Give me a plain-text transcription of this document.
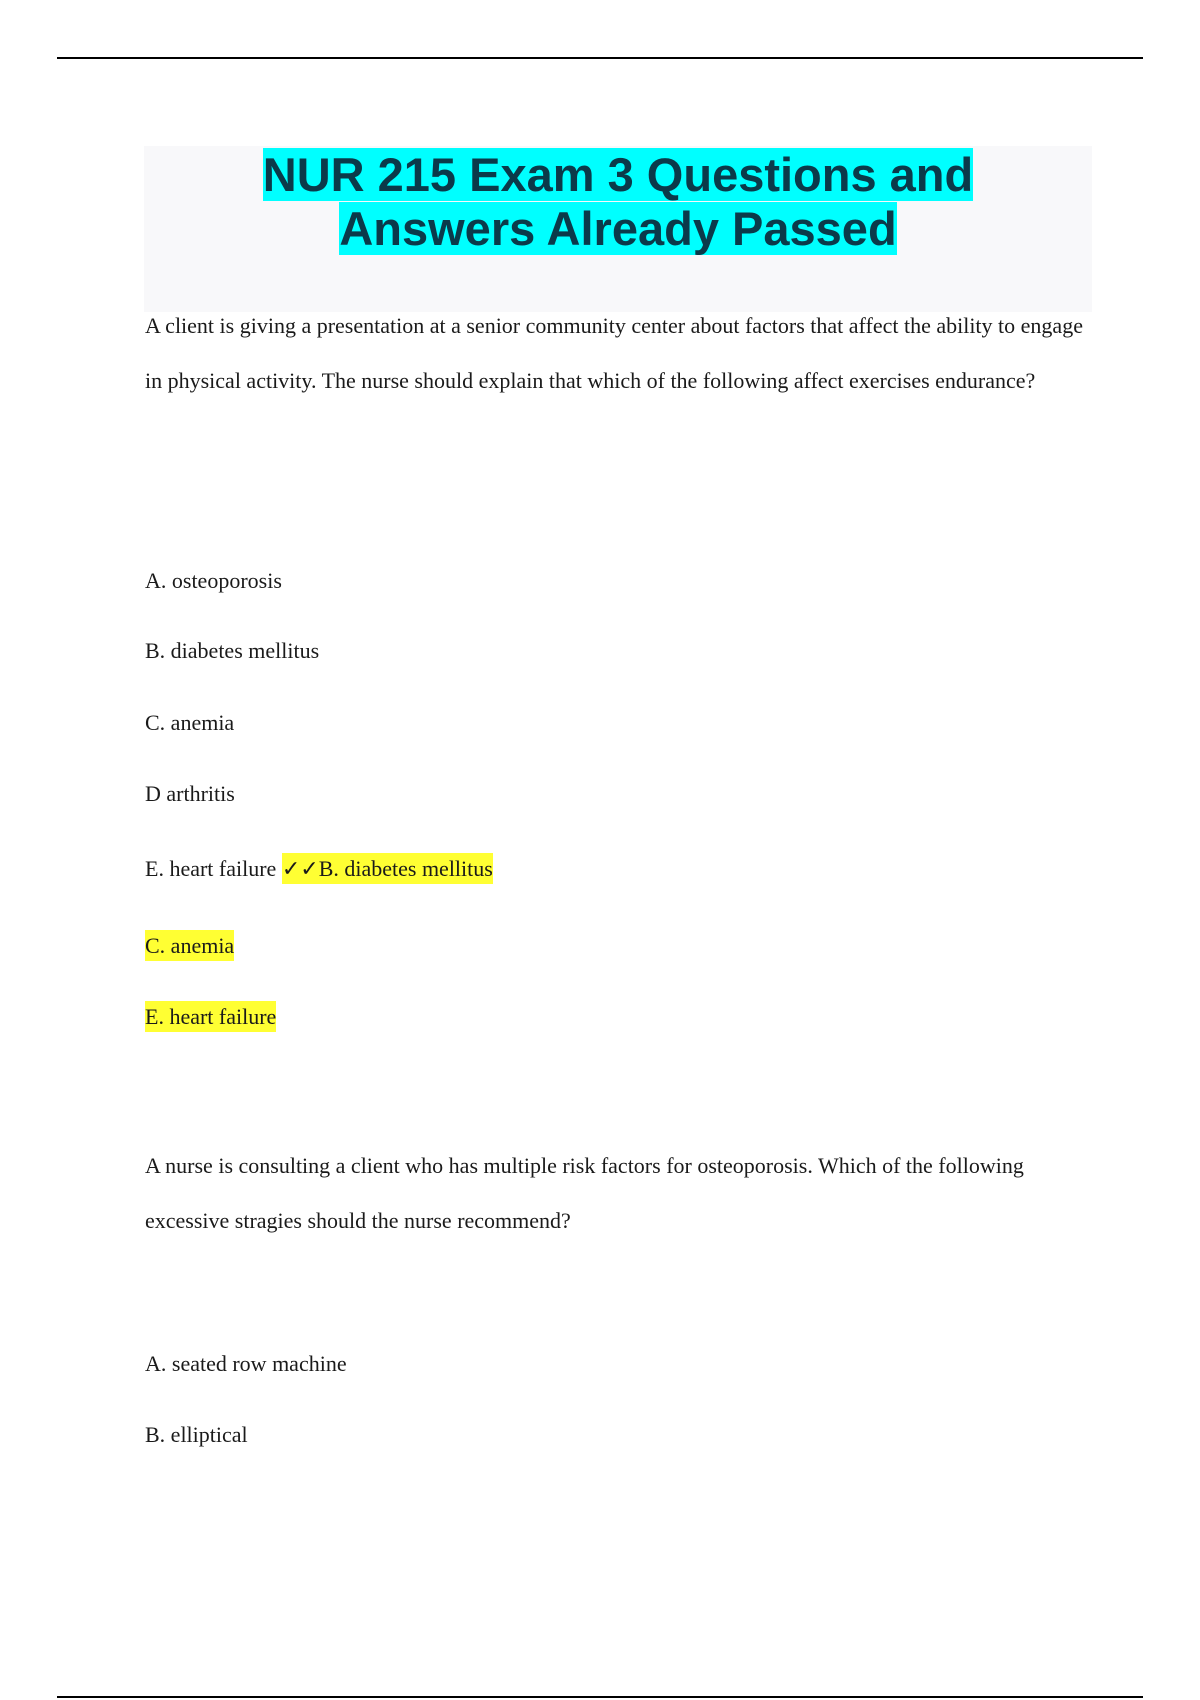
NUR 215 Exam 3 Questions and
Answers Already Passed

A client is giving a presentation at a senior community center about factors that affect the ability to engage in physical activity. The nurse should explain that which of the following affect exercises endurance?

A. osteoporosis

B. diabetes mellitus

C. anemia

D arthritis

E. heart failure ✓✓B. diabetes mellitus

C. anemia

E. heart failure

A nurse is consulting a client who has multiple risk factors for osteoporosis. Which of the following excessive stragies should the nurse recommend?

A. seated row machine

B. elliptical
